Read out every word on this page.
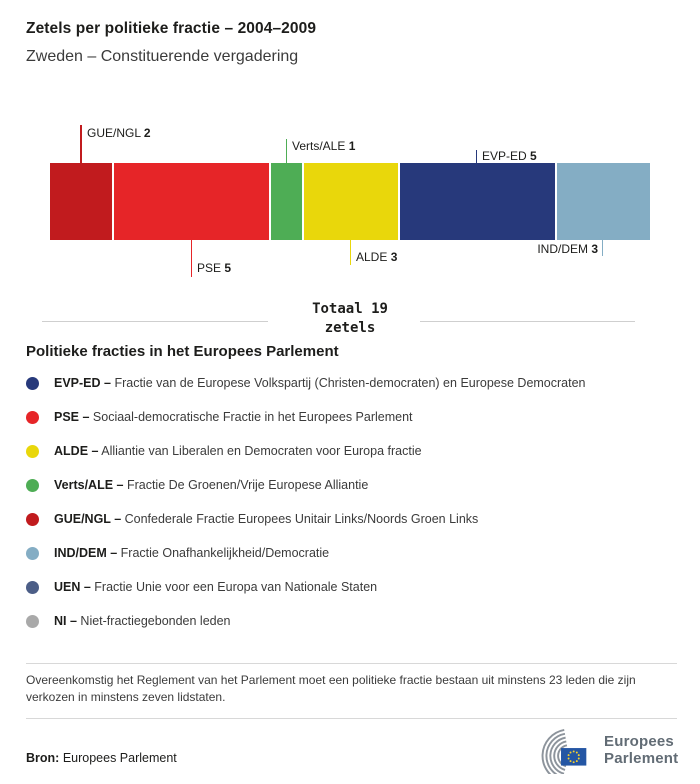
Zetels per politieke fractie – 2004–2009
Zweden – Constituerende vergadering
GUE/NGL 2
PSE 5
Verts/ALE 1
ALDE 3
EVP-ED 5
IND/DEM 3
Totaal 19
zetels
Politieke fracties in het Europees Parlement
EVP-ED – Fractie van de Europese Volkspartij (Christen-democraten) en Europese Democraten
PSE – Sociaal-democratische Fractie in het Europees Parlement
ALDE – Alliantie van Liberalen en Democraten voor Europa fractie
Verts/ALE – Fractie De Groenen/Vrije Europese Alliantie
GUE/NGL – Confederale Fractie Europees Unitair Links/Noords Groen Links
IND/DEM – Fractie Onafhankelijkheid/Democratie
UEN – Fractie Unie voor een Europa van Nationale Staten
NI – Niet-fractiegebonden leden
Overeenkomstig het Reglement van het Parlement moet een politieke fractie bestaan uit minstens 23 leden die zijn verkozen in minstens zeven lidstaten.
Bron: Europees Parlement
Europees
Parlement
